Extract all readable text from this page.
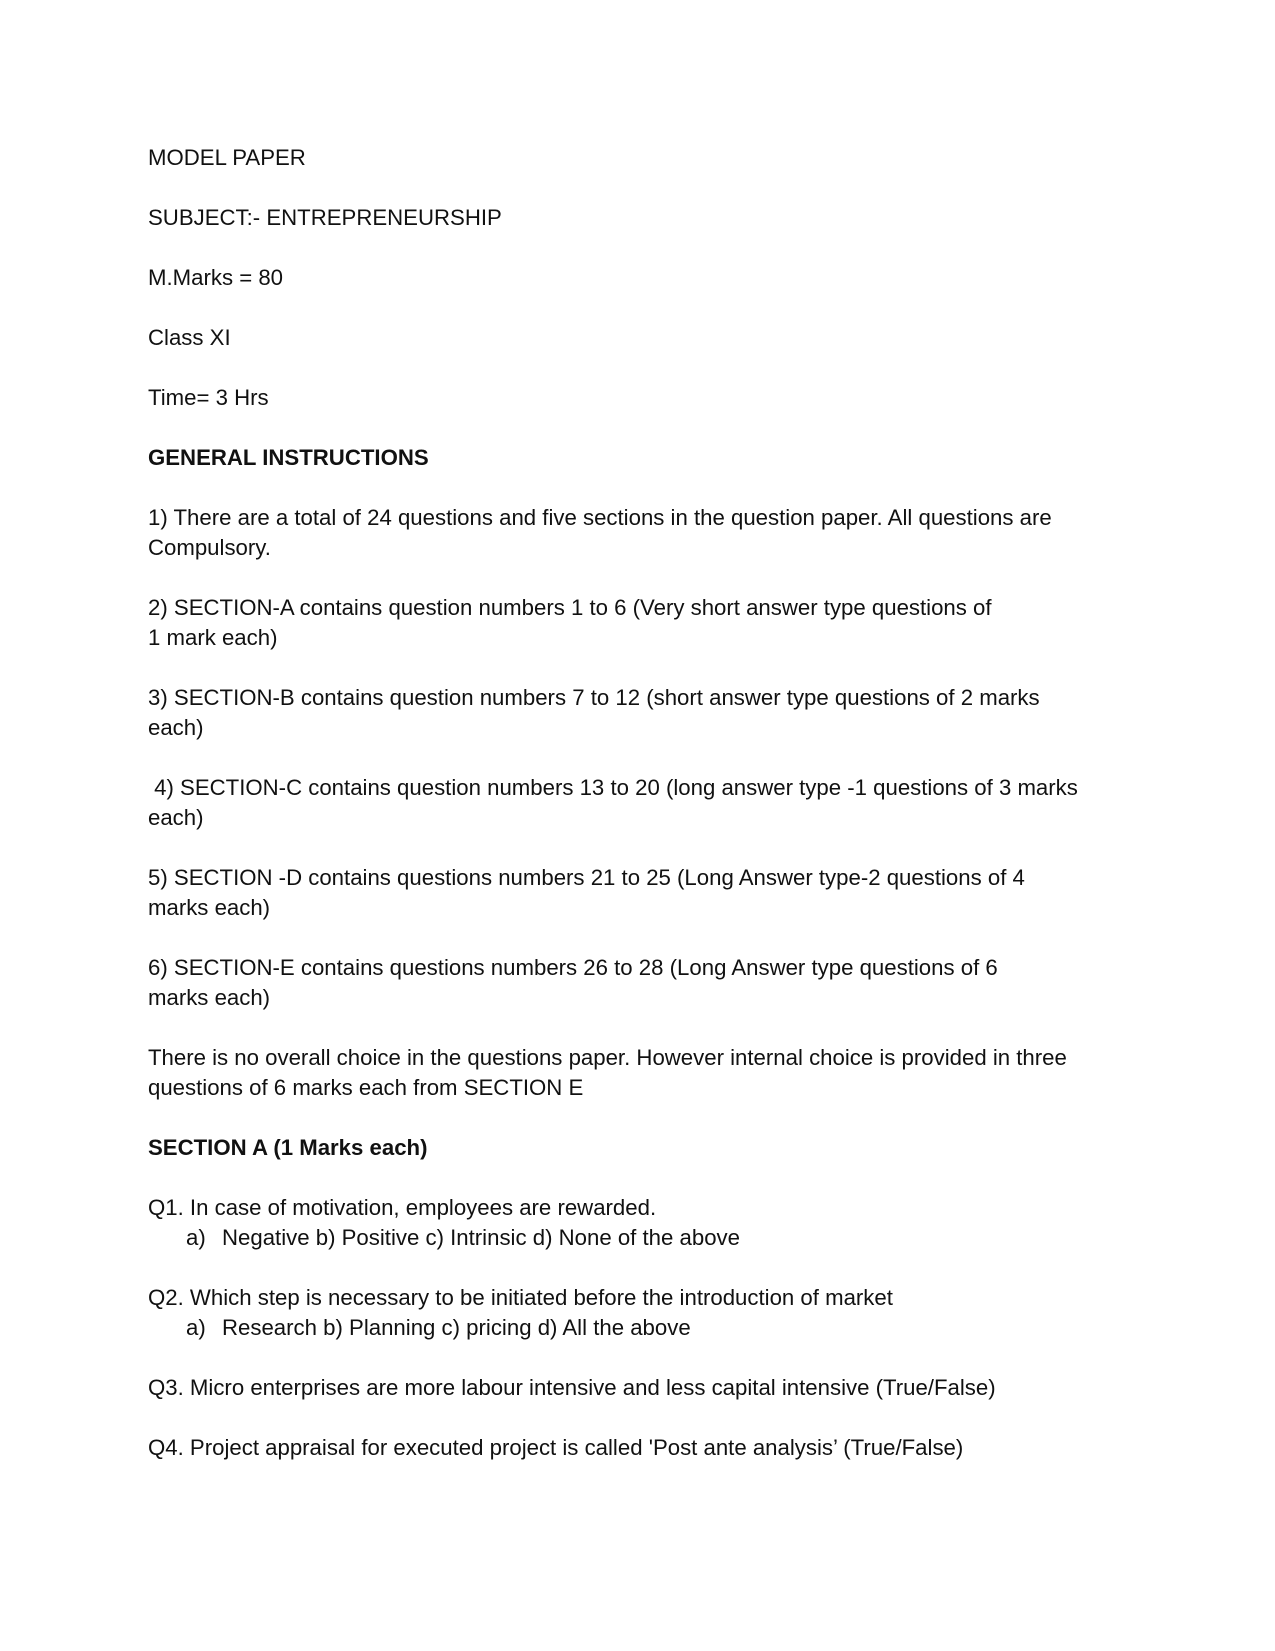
MODEL PAPER

SUBJECT:- ENTREPRENEURSHIP

M.Marks = 80

Class XI

Time= 3 Hrs

GENERAL INSTRUCTIONS

1) There are a total of 24 questions and five sections in the question paper. All questions are
Compulsory.
2) SECTION-A contains question numbers 1 to 6 (Very short answer type questions of
1 mark each)
3) SECTION-B contains question numbers 7 to 12 (short answer type questions of 2 marks
each)
4) SECTION-C contains question numbers 13 to 20 (long answer type -1 questions of 3 marks
each)
5) SECTION -D contains questions numbers 21 to 25 (Long Answer type-2 questions of 4
marks each)
6) SECTION-E contains questions numbers 26 to 28 (Long Answer type questions of 6
marks each)
There is no overall choice in the questions paper. However internal choice is provided in three
questions of 6 marks each from SECTION E

SECTION A (1 Marks each)

Q1. In case of motivation, employees are rewarded.
a) Negative b) Positive c) Intrinsic d) None of the above
Q2. Which step is necessary to be initiated before the introduction of market
a) Research b) Planning c) pricing d) All the above
Q3. Micro enterprises are more labour intensive and less capital intensive (True/False)
Q4. Project appraisal for executed project is called 'Post ante analysis’ (True/False)
